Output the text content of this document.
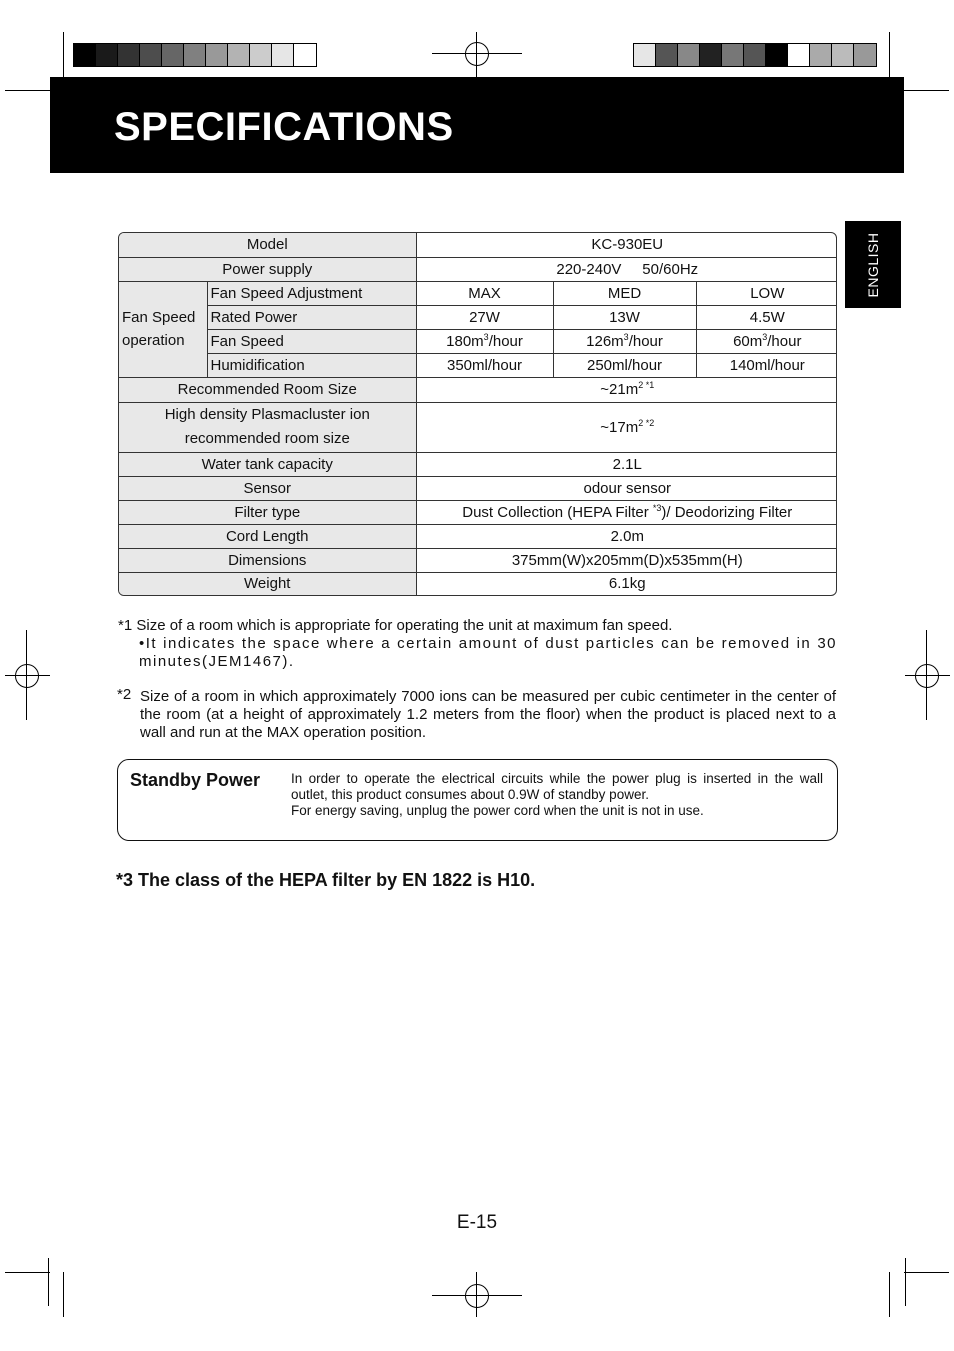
SPECIFICATIONS
ENGLISH
Model		KC-930EU		
Power supply		220-240V 50/60Hz		

Fan Speed
operation	Fan Speed Adjustment	MAX	MED	LOW
	Rated Power	27W	13W	4.5W
	Fan Speed	$180m^3$/hour	$126m^3$/hour	$60m^3$/hour
	Humidification	350ml/hour	250ml/hour	140ml/hour
Recommended Room Size		$\sim 21m^{2 *1}$

High density Plasmacluster ion
recommended room size		$\sim 17m^{2 *2}$
Water tank capacity		2.1L		
Sensor		odour sensor		
Filter type		Dust Collection (HEPA Filter $^{*3}$)/ Deodorizing Filter		
Cord Length		2.0m		
Dimensions		375mm(W)x205mm(D)x535mm(H)		
Weight		6.1kg		
*1 Size of a room which is appropriate for operating the unit at maximum fan speed.
•It indicates the space where a certain amount of dust particles can be removed in 30 minutes(JEM1467).
*2 Size of a room in which approximately 7000 ions can be measured per cubic centimeter in the center of the room (at a height of approximately 1.2 meters from the floor) when the product is placed next to a wall and run at the MAX operation position.
Standby Power In order to operate the electrical circuits while the power plug is inserted in the wall outlet, this product consumes about 0.9W of standby power.
For energy saving, unplug the power cord when the unit is not in use.
*3 The class of the HEPA filter by EN 1822 is H10.
E-15
